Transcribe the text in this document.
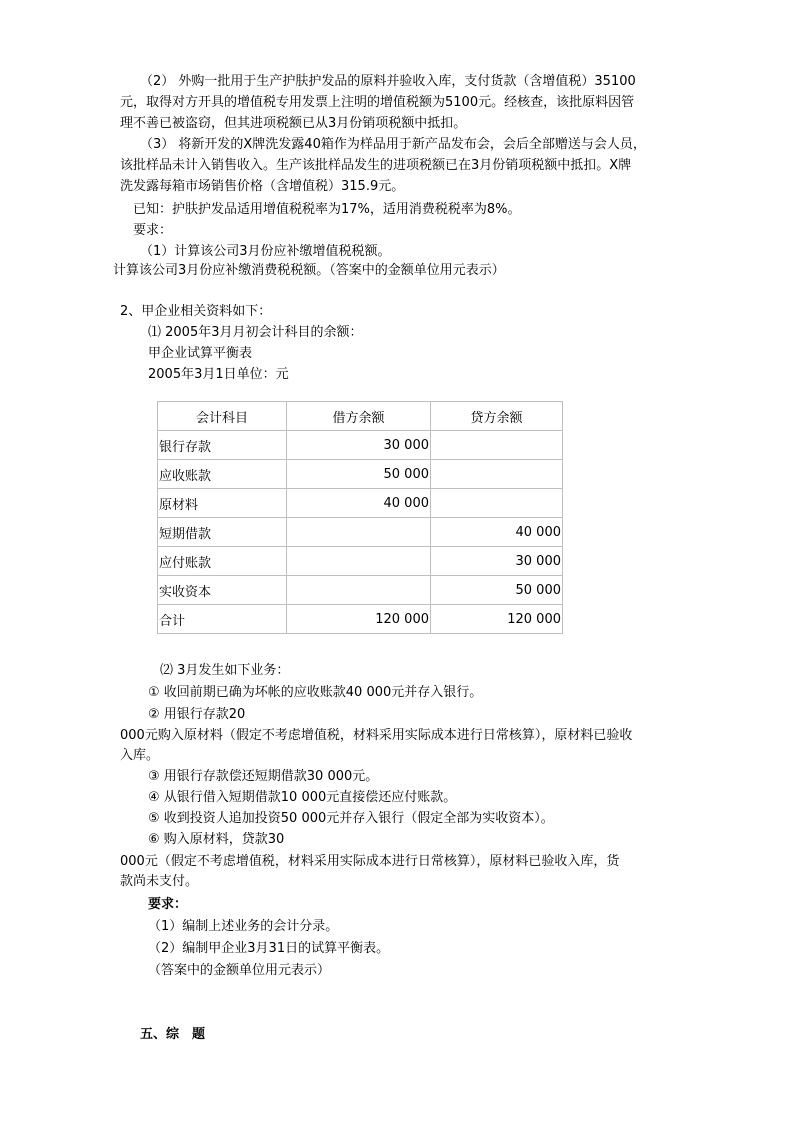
（2） 外购一批用于生产护肤护发品的原料并验收入库，支付货款（含增值税）35100
元，取得对方开具的增值税专用发票上注明的增值税额为5100元。经核查，该批原料因管
理不善已被盗窃，但其进项税额已从3月份销项税额中抵扣。
（3） 将新开发的X牌洗发露40箱作为样品用于新产品发布会，会后全部赠送与会人员，
该批样品未计入销售收入。生产该批样品发生的进项税额已在3月份销项税额中抵扣。X牌
洗发露每箱市场销售价格（含增值税）315.9元。
已知：护肤护发品适用增值税税率为17%，适用消费税税率为8%。
要求：
（1）计算该公司3月份应补缴增值税税额。
计算该公司3月份应补缴消费税税额。（答案中的金额单位用元表示）
2、甲企业相关资料如下：
⑴ 2005年3月月初会计科目的余额：
甲企业试算平衡表
2005年3月1日单位：元
会计科目	借方余额	贷方余额
银行存款	30 000	
应收账款	50 000	
原材料	40 000	
短期借款		40 000
应付账款		30 000
实收资本		50 000
合计	120 000	120 000
⑵ 3月发生如下业务：
① 收回前期已确为坏帐的应收账款40 000元并存入银行。
② 用银行存款20
000元购入原材料（假定不考虑增值税，材料采用实际成本进行日常核算），原材料已验收
入库。
③ 用银行存款偿还短期借款30 000元。
④ 从银行借入短期借款10 000元直接偿还应付账款。
⑤ 收到投资人追加投资50 000元并存入银行（假定全部为实收资本）。
⑥ 购入原材料，贷款30
000元（假定不考虑增值税，材料采用实际成本进行日常核算），原材料已验收入库，货
款尚未支付。
要求：
（1）编制上述业务的会计分录。
（2）编制甲企业3月31日的试算平衡表。
（答案中的金额单位用元表示）
五、综　题
